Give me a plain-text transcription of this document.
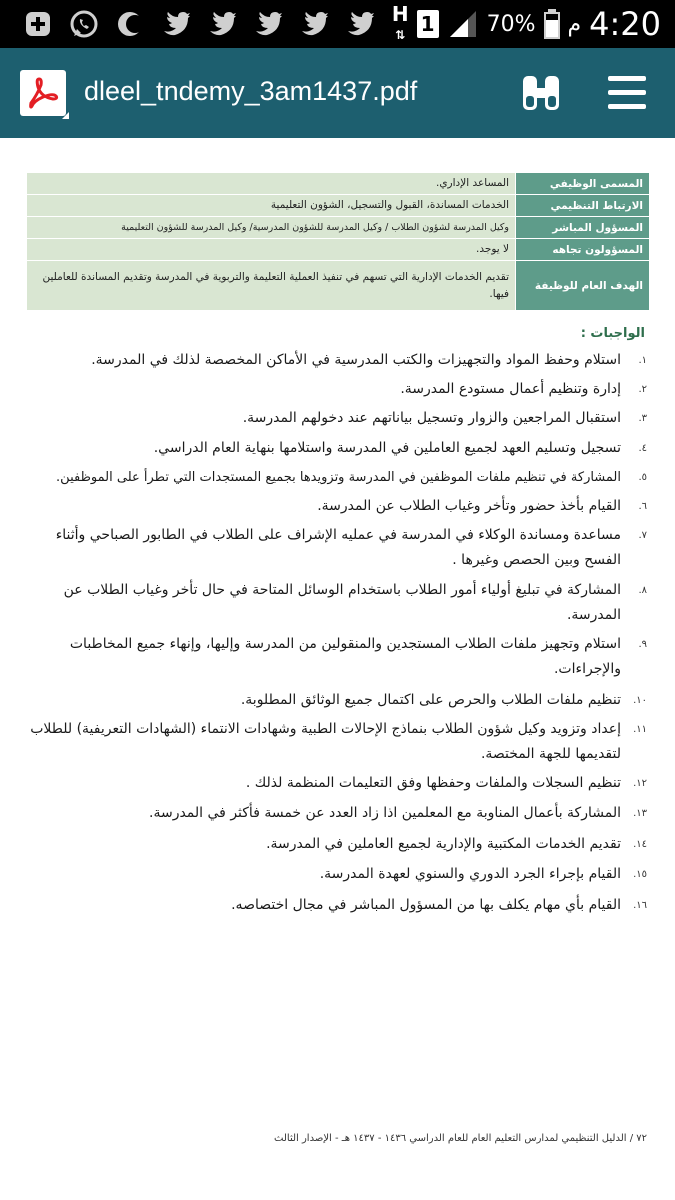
H
⇅ 1 70% م 4:20
dleel_tndemy_3am1437.pdf
المسمى الوظيفي	المساعد الإداري.
الارتباط التنظيمي	الخدمات المساندة، القبول والتسجيل، الشؤون التعليمية
المسؤول المباشر	وكيل المدرسة لشؤون الطلاب / وكيل المدرسة للشؤون المدرسية/ وكيل المدرسة للشؤون التعليمية
المسؤولون تجاهه	لا يوجد.
الهدف العام للوظيفة	تقديم الخدمات الإدارية التي تسهم في تنفيذ العملية التعليمة والتربوية في المدرسة وتقديم المساندة للعاملين فيها.
الواجبات :
١.
استلام وحفظ المواد والتجهيزات والكتب المدرسية في الأماكن المخصصة لذلك في المدرسة.
٢.
إدارة وتنظيم أعمال مستودع المدرسة.
٣.
استقبال المراجعين والزوار وتسجيل بياناتهم عند دخولهم المدرسة.
٤.
تسجيل وتسليم العهد لجميع العاملين في المدرسة واستلامها بنهاية العام الدراسي.
٥.
المشاركة في تنظيم ملفات الموظفين في المدرسة وتزويدها بجميع المستجدات التي تطرأ على الموظفين.
٦.
القيام بأخذ حضور وتأخر وغياب الطلاب عن المدرسة.
٧.
مساعدة ومساندة الوكلاء في المدرسة في عمليه الإشراف على الطلاب في الطابور الصباحي وأثناء الفسح وبين الحصص وغيرها .
٨.
المشاركة في تبليغ أولياء أمور الطلاب باستخدام الوسائل المتاحة في حال تأخر وغياب الطلاب عن المدرسة.
٩.
استلام وتجهيز ملفات الطلاب المستجدين والمنقولين من المدرسة وإليها، وإنهاء جميع المخاطبات والإجراءات.
١٠.
تنظيم ملفات الطلاب والحرص على اكتمال جميع الوثائق المطلوبة.
١١.
إعداد وتزويد وكيل شؤون الطلاب بنماذج الإحالات الطبية وشهادات الانتماء (الشهادات التعريفية) للطلاب لتقديمها للجهة المختصة.
١٢.
تنظيم السجلات والملفات وحفظها وفق التعليمات المنظمة لذلك .
١٣.
المشاركة بأعمال المناوبة مع المعلمين اذا زاد العدد عن خمسة فأكثر في المدرسة.
١٤.
تقديم الخدمات المكتبية والإدارية لجميع العاملين في المدرسة.
١٥.
القيام بإجراء الجرد الدوري والسنوي لعهدة المدرسة.
١٦.
القيام بأي مهام يكلف بها من المسؤول المباشر في مجال اختصاصه.
٧٢ / الدليل التنظيمي لمدارس التعليم العام للعام الدراسي ١٤٣٦ - ١٤٣٧ هـ - الإصدار الثالث
